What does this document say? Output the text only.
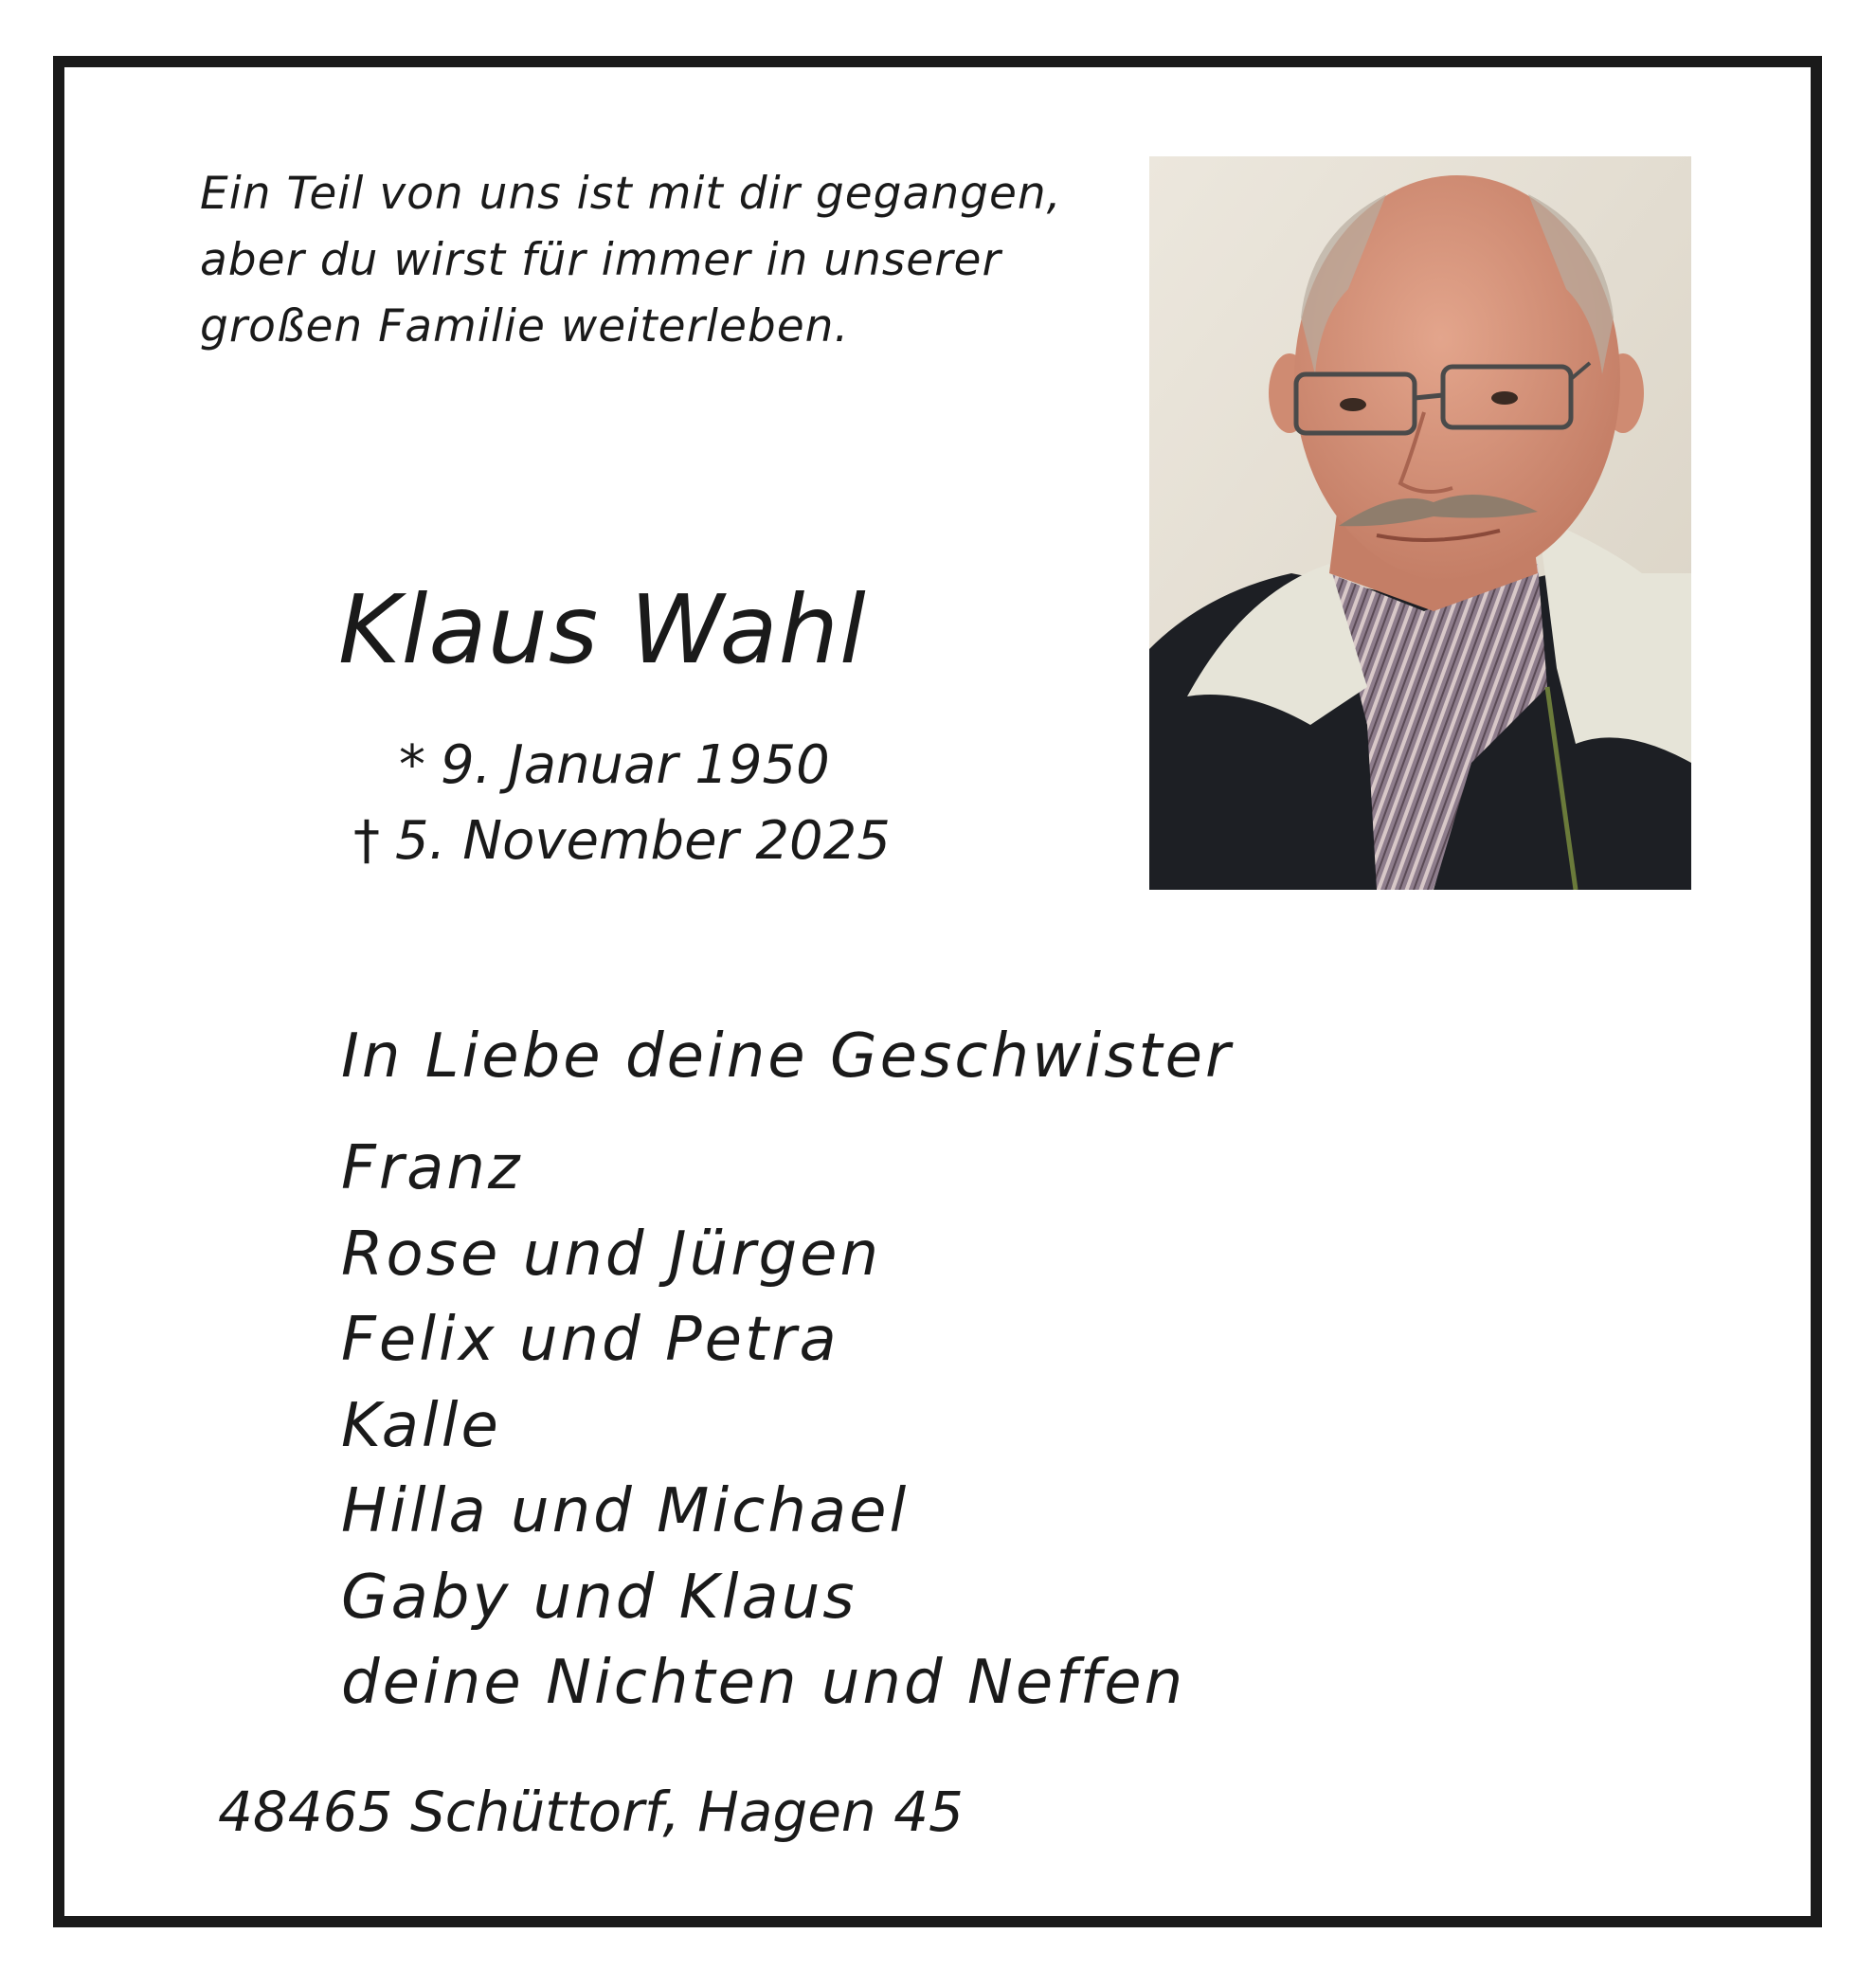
Ein Teil von uns ist mit dir gegangen,
aber du wirst für immer in unserer
großen Familie weiterleben.
Klaus Wahl
* 9. Januar 1950
† 5. November 2025
In Liebe deine Geschwister
Franz
Rose und Jürgen
Felix und Petra
Kalle
Hilla und Michael
Gaby und Klaus
deine Nichten und Neffen
48465 Schüttorf, Hagen 45
